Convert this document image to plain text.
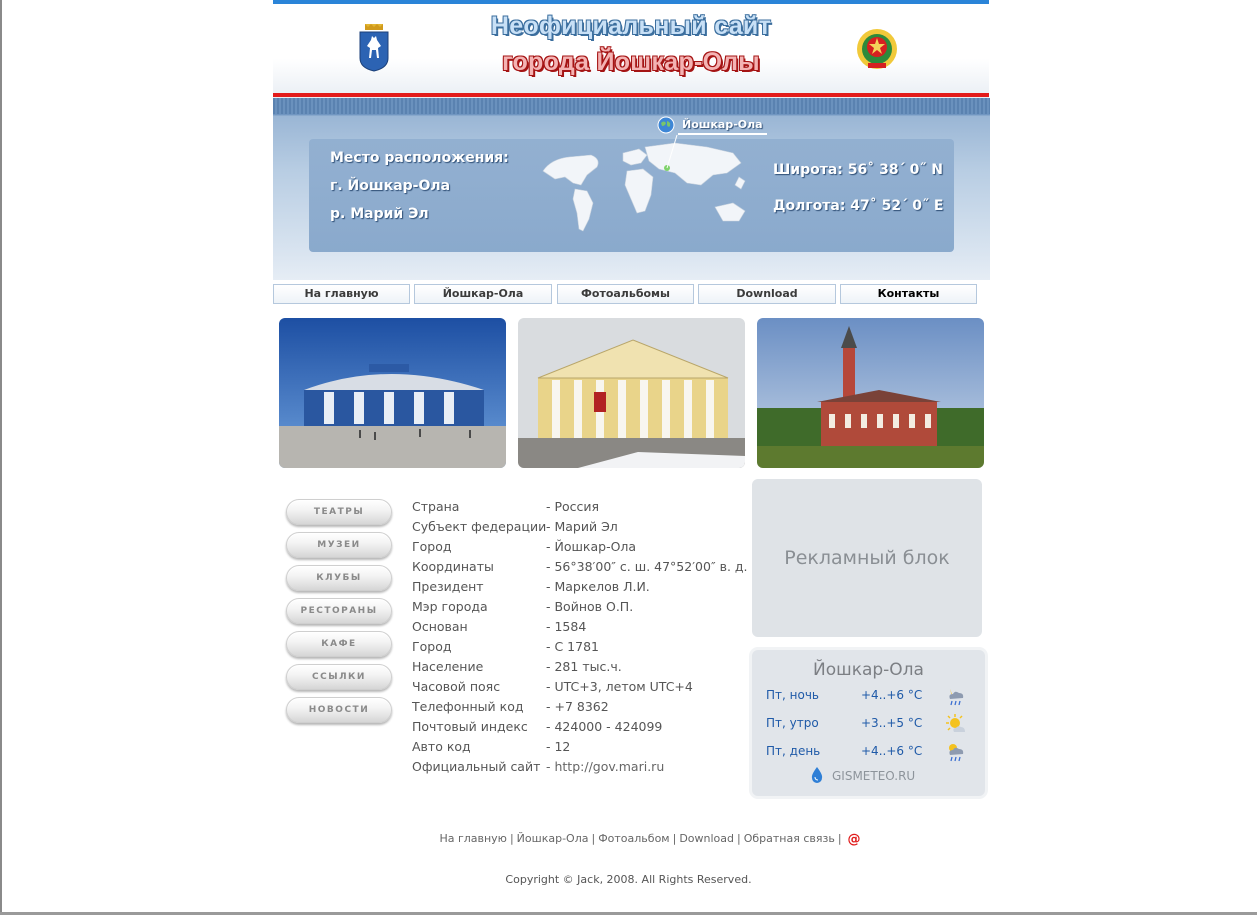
Неофициальный сайт
города Йошкар-Олы
Место расположения:
г. Йошкар-Ола
р. Марий Эл
Йошкар-Ола
Широта: 56˚ 38΄ 0˝ N
Долгота: 47˚ 52΄ 0˝ E
На главную	Йошкар-Ола	Фотоальбомы	Download	Контакты
ТЕАТРЫ
МУЗЕИ
КЛУБЫ
РЕСТОРАНЫ
КАФЕ
ССЫЛКИ
НОВОСТИ
Страна	- Россия
Субъект федерации - Марий Эл
Город	- Йошкар-Ола
Координаты	- 56°38′00″ с. ш. 47°52′00″ в. д.
Президент	- Маркелов Л.И.
Мэр города	- Войнов О.П.
Основан	- 1584
Город	- С 1781
Население	- 281 тыс.ч.
Часовой пояс	- UTC+3, летом UTC+4
Телефонный код	- +7 8362
Почтовый индекс	- 424000 - 424099
Авто код	- 12
Официальный сайт - http://gov.mari.ru
Рекламный блок
Йошкар-Ола
Пт, ночь	+4..+6 °C
Пт, утро	+3..+5 °C
Пт, день	+4..+6 °C
GISMETEO.RU
На главную | Йошкар-Ола | Фотоальбом | Download | Обратная связь | @
Copyright © Jack, 2008. All Rights Reserved.
